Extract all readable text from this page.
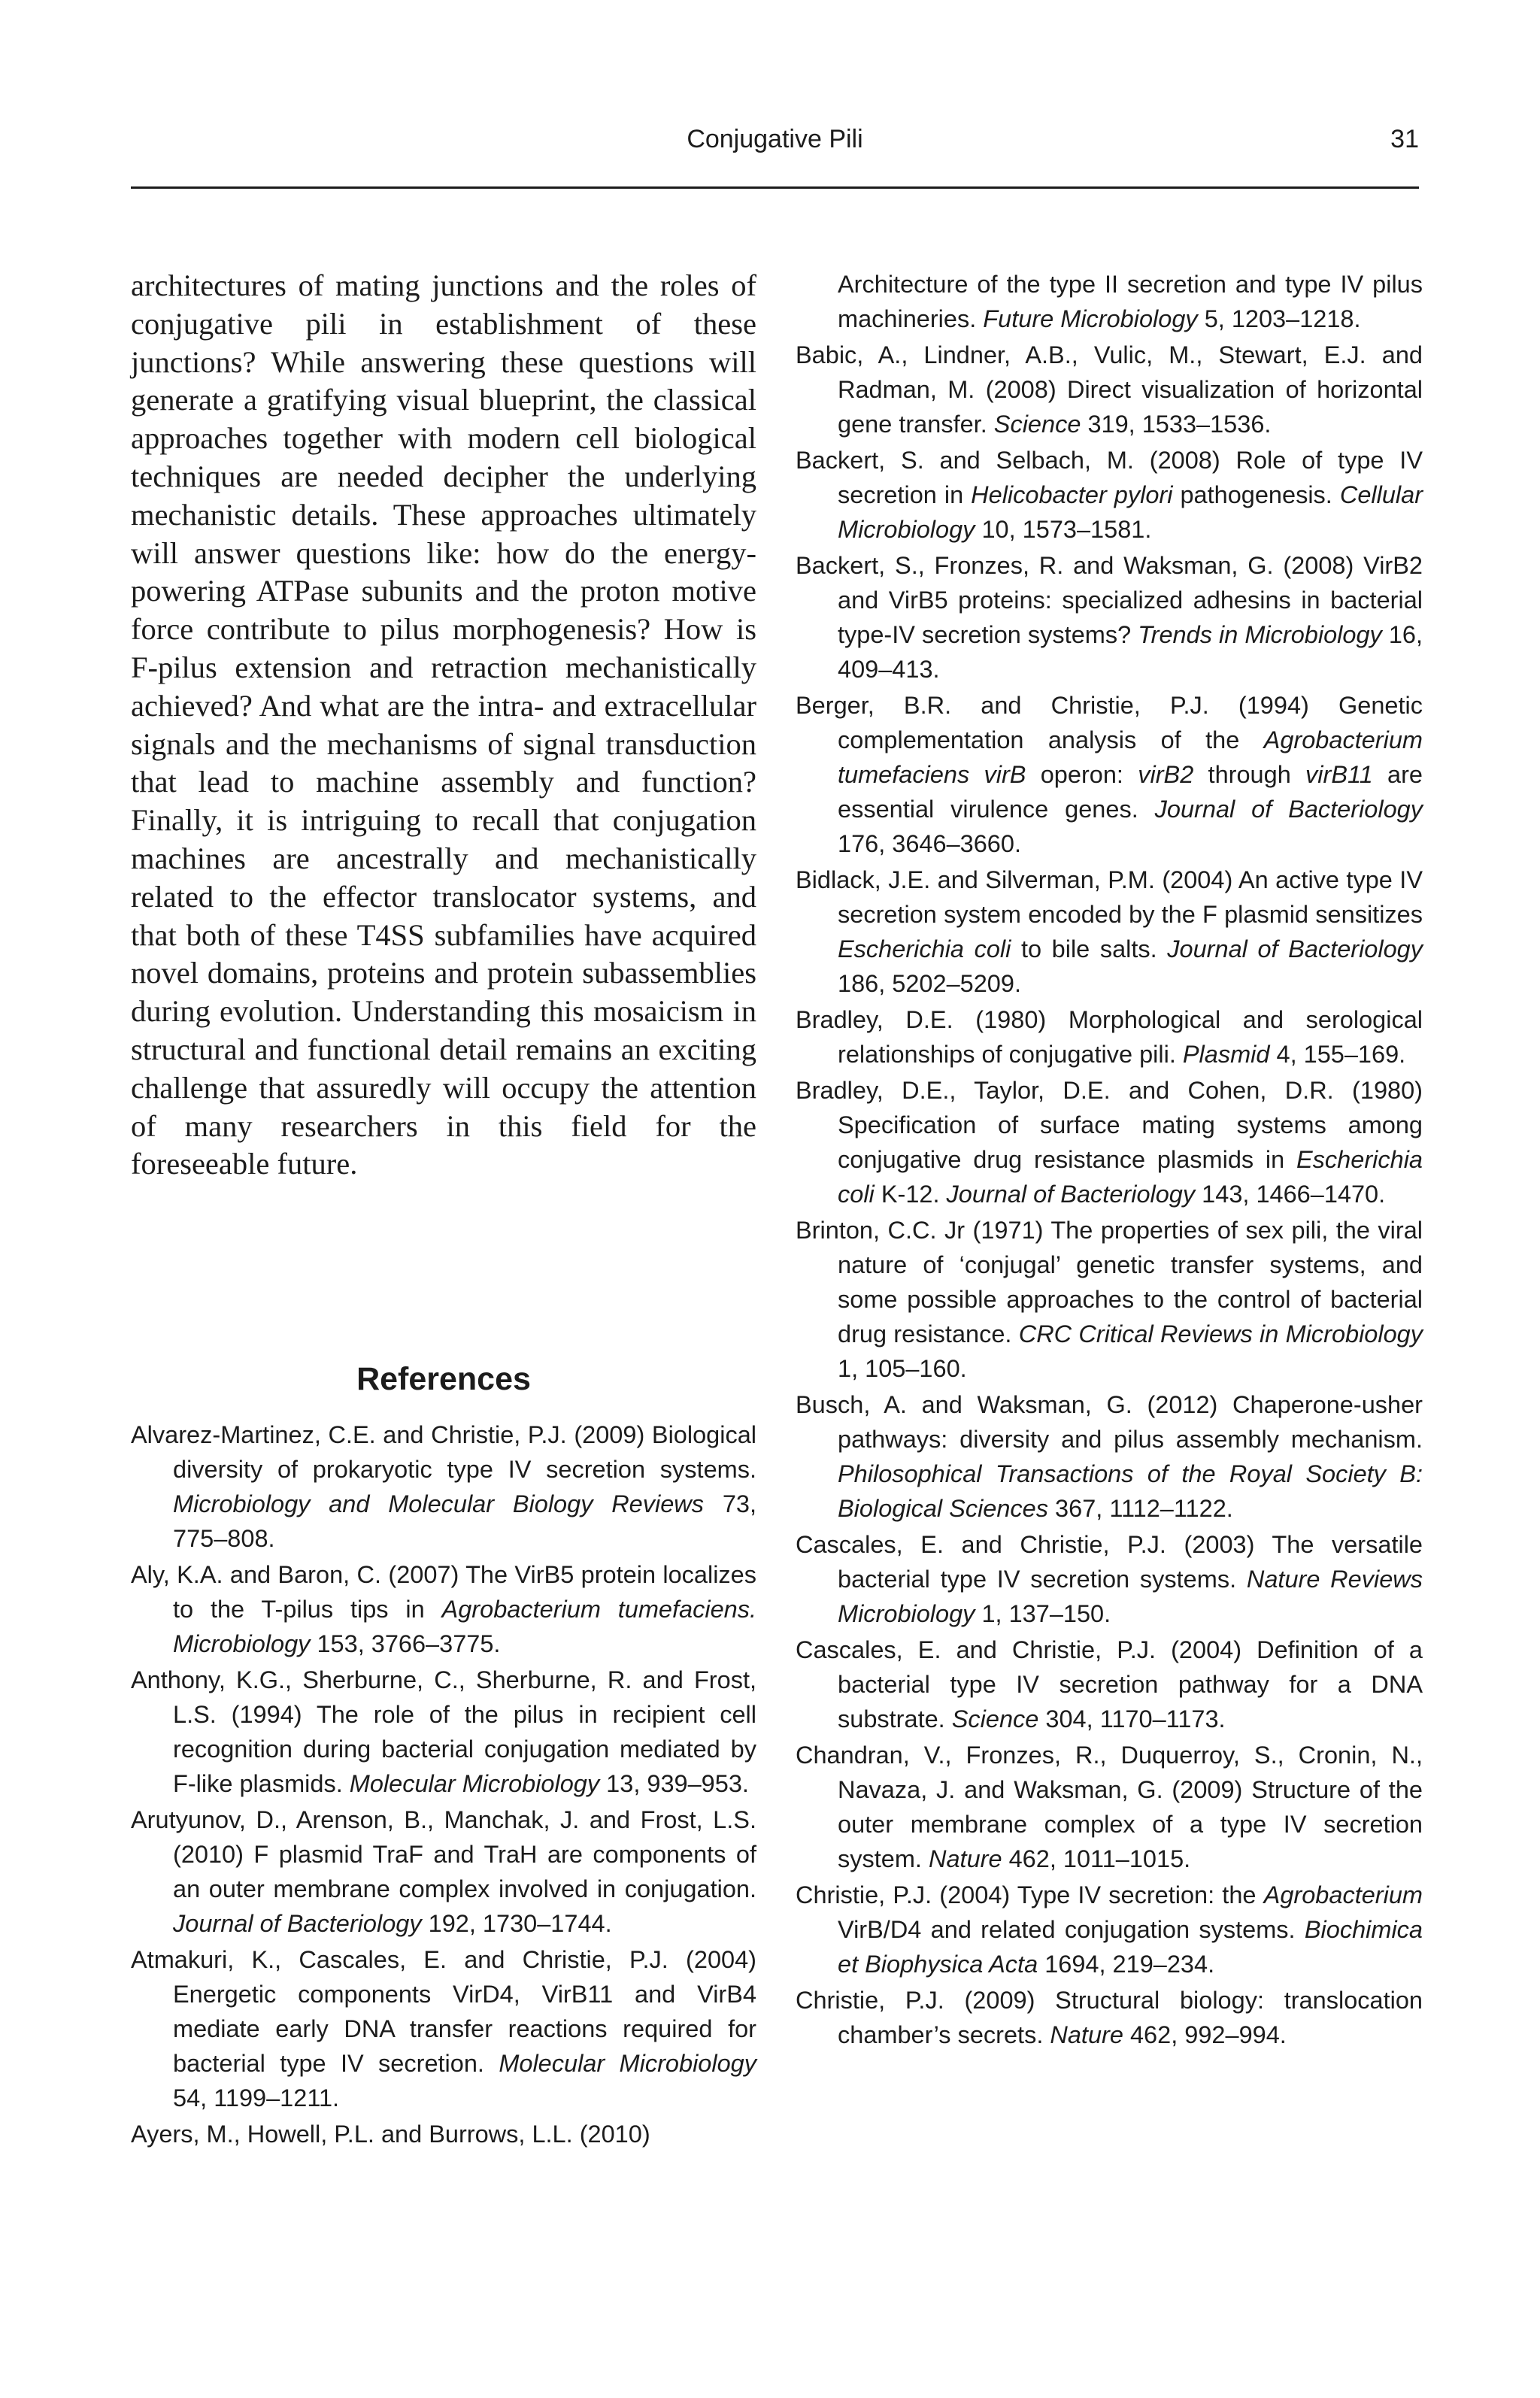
Conjugative Pili	31

architectures of mating junctions and the roles of conjugative pili in establishment of these junctions? While answering these questions will generate a gratifying visual blueprint, the classical approaches together with modern cell biological techniques are needed decipher the underlying mechanistic details. These approaches ultimately will answer questions like: how do the energy-powering ATPase subunits and the proton motive force contribute to pilus morphogenesis? How is F-pilus extension and retraction mechanistically achieved? And what are the intra- and extracellular signals and the mechanisms of signal transduction that lead to machine assembly and function? Finally, it is intriguing to recall that conjugation machines are ancestrally and mechanistically related to the effector translocator systems, and that both of these T4SS subfamilies have acquired novel domains, proteins and protein subassemblies during evolution. Understanding this mosaicism in structural and functional detail remains an exciting challenge that assuredly will occupy the attention of many researchers in this field for the foreseeable future.

References

Alvarez-Martinez, C.E. and Christie, P.J. (2009) Biological diversity of prokaryotic type IV secretion systems. Microbiology and Molecular Biology Reviews 73, 775–808.

Aly, K.A. and Baron, C. (2007) The VirB5 protein localizes to the T-pilus tips in Agrobacterium tumefaciens. Microbiology 153, 3766–3775.

Anthony, K.G., Sherburne, C., Sherburne, R. and Frost, L.S. (1994) The role of the pilus in recipient cell recognition during bacterial conjugation mediated by F-like plasmids. Molecular Microbiology 13, 939–953.

Arutyunov, D., Arenson, B., Manchak, J. and Frost, L.S. (2010) F plasmid TraF and TraH are components of an outer membrane complex involved in conjugation. Journal of Bacteriology 192, 1730–1744.

Atmakuri, K., Cascales, E. and Christie, P.J. (2004) Energetic components VirD4, VirB11 and VirB4 mediate early DNA transfer reactions required for bacterial type IV secretion. Molecular Microbiology 54, 1199–1211.

Ayers, M., Howell, P.L. and Burrows, L.L. (2010)

Architecture of the type II secretion and type IV pilus machineries. Future Microbiology 5, 1203–1218.

Babic, A., Lindner, A.B., Vulic, M., Stewart, E.J. and Radman, M. (2008) Direct visualization of horizontal gene transfer. Science 319, 1533–1536.

Backert, S. and Selbach, M. (2008) Role of type IV secretion in Helicobacter pylori pathogenesis. Cellular Microbiology 10, 1573–1581.

Backert, S., Fronzes, R. and Waksman, G. (2008) VirB2 and VirB5 proteins: specialized adhesins in bacterial type-IV secretion systems? Trends in Microbiology 16, 409–413.

Berger, B.R. and Christie, P.J. (1994) Genetic complementation analysis of the Agrobacterium tumefaciens virB operon: virB2 through virB11 are essential virulence genes. Journal of Bacteriology 176, 3646–3660.

Bidlack, J.E. and Silverman, P.M. (2004) An active type IV secretion system encoded by the F plasmid sensitizes Escherichia coli to bile salts. Journal of Bacteriology 186, 5202–5209.

Bradley, D.E. (1980) Morphological and serological relationships of conjugative pili. Plasmid 4, 155–169.

Bradley, D.E., Taylor, D.E. and Cohen, D.R. (1980) Specification of surface mating systems among conjugative drug resistance plasmids in Escherichia coli K-12. Journal of Bacteriology 143, 1466–1470.

Brinton, C.C. Jr (1971) The properties of sex pili, the viral nature of ‘conjugal’ genetic transfer systems, and some possible approaches to the control of bacterial drug resistance. CRC Critical Reviews in Microbiology 1, 105–160.

Busch, A. and Waksman, G. (2012) Chaperone-usher pathways: diversity and pilus assembly mechanism. Philosophical Transactions of the Royal Society B: Biological Sciences 367, 1112–1122.

Cascales, E. and Christie, P.J. (2003) The versatile bacterial type IV secretion systems. Nature Reviews Microbiology 1, 137–150.

Cascales, E. and Christie, P.J. (2004) Definition of a bacterial type IV secretion pathway for a DNA substrate. Science 304, 1170–1173.

Chandran, V., Fronzes, R., Duquerroy, S., Cronin, N., Navaza, J. and Waksman, G. (2009) Structure of the outer membrane complex of a type IV secretion system. Nature 462, 1011–1015.

Christie, P.J. (2004) Type IV secretion: the Agrobacterium VirB/D4 and related conjugation systems. Biochimica et Biophysica Acta 1694, 219–234.

Christie, P.J. (2009) Structural biology: translocation chamber’s secrets. Nature 462, 992–994.
